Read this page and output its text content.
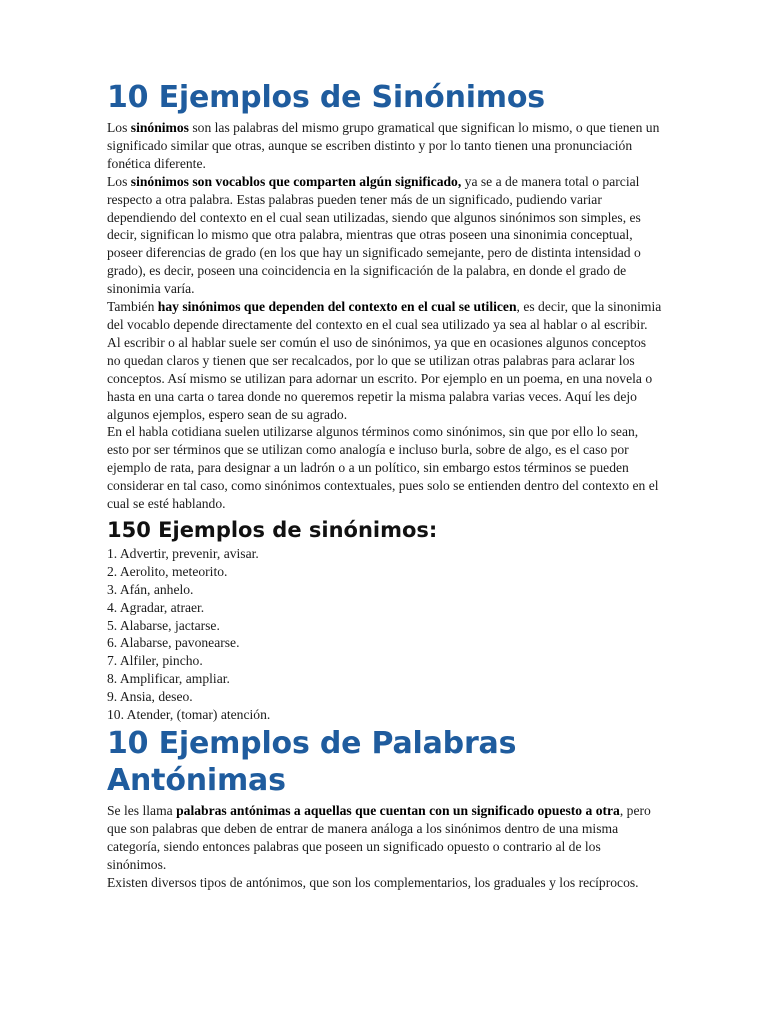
10 Ejemplos de Sinónimos

Los sinónimos son las palabras del mismo grupo gramatical que significan lo mismo, o que tienen un significado similar que otras, aunque se escriben distinto y por lo tanto tienen una pronunciación fonética diferente.

Los sinónimos son vocablos que comparten algún significado, ya se a de manera total o parcial respecto a otra palabra. Estas palabras pueden tener más de un significado, pudiendo variar dependiendo del contexto en el cual sean utilizadas, siendo que algunos sinónimos son simples, es decir, significan lo mismo que otra palabra, mientras que otras poseen una sinonimia conceptual, poseer diferencias de grado (en los que hay un significado semejante, pero de distinta intensidad o grado), es decir, poseen una coincidencia en la significación de la palabra, en donde el grado de sinonimia varía.

También hay sinónimos que dependen del contexto en el cual se utilicen, es decir, que la sinonimia del vocablo depende directamente del contexto en el cual sea utilizado ya sea al hablar o al escribir. Al escribir o al hablar suele ser común el uso de sinónimos, ya que en ocasiones algunos conceptos no quedan claros y tienen que ser recalcados, por lo que se utilizan otras palabras para aclarar los conceptos. Así mismo se utilizan para adornar un escrito. Por ejemplo en un poema, en una novela o hasta en una carta o tarea donde no queremos repetir la misma palabra varias veces. Aquí les dejo algunos ejemplos, espero sean de su agrado.

En el habla cotidiana suelen utilizarse algunos términos como sinónimos, sin que por ello lo sean, esto por ser términos que se utilizan como analogía e incluso burla, sobre de algo, es el caso por ejemplo de rata, para designar a un ladrón o a un político, sin embargo estos términos se pueden considerar en tal caso, como sinónimos contextuales, pues solo se entienden dentro del contexto en el cual se esté hablando.

150 Ejemplos de sinónimos:
1. Advertir, prevenir, avisar.
2. Aerolito, meteorito.
3. Afán, anhelo.
4. Agradar, atraer.
5. Alabarse, jactarse.
6. Alabarse, pavonearse.
7. Alfiler, pincho.
8. Amplificar, ampliar.
9. Ansia, deseo.
10. Atender, (tomar) atención.
10 Ejemplos de Palabras Antónimas

Se les llama palabras antónimas a aquellas que cuentan con un significado opuesto a otra, pero que son palabras que deben de entrar de manera análoga a los sinónimos dentro de una misma categoría, siendo entonces palabras que poseen un significado opuesto o contrario al de los sinónimos.

Existen diversos tipos de antónimos, que son los complementarios, los graduales y los recíprocos.
